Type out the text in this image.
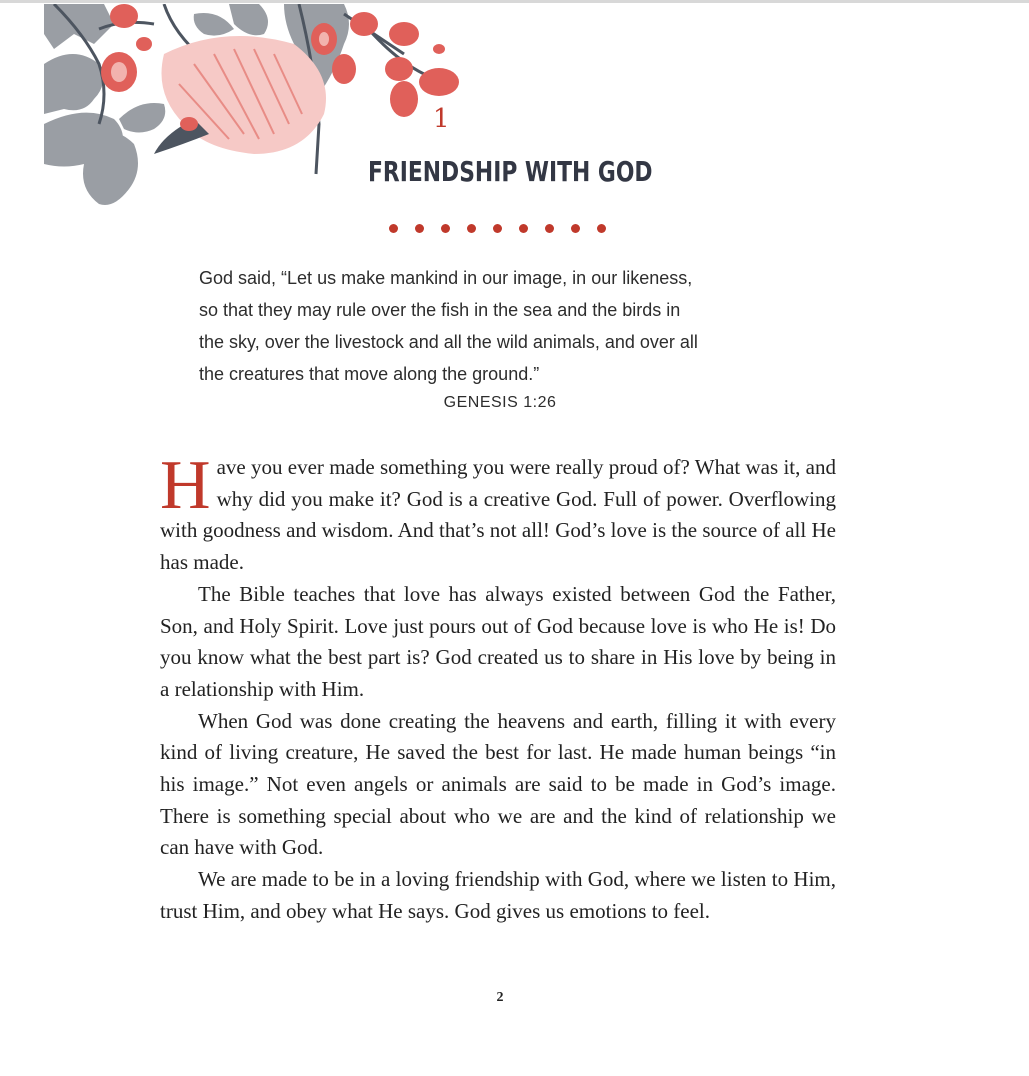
1
FRIENDSHIP WITH GOD

God said, “Let us make mankind in our image, in our likeness,

so that they may rule over the fish in the sea and the birds in

the sky, over the livestock and all the wild animals, and over all

the creatures that move along the ground.”

GENESIS 1:26

Have you ever made something you were really proud of? What was it, and why did you make it? God is a creative God. Full of power. Overflowing with goodness and wisdom. And that’s not all! God’s love is the source of all He has made.

The Bible teaches that love has always existed between God the Father, Son, and Holy Spirit. Love just pours out of God because love is who He is! Do you know what the best part is? God created us to share in His love by being in a relationship with Him.

When God was done creating the heavens and earth, filling it with every kind of living creature, He saved the best for last. He made human beings “in his image.” Not even angels or animals are said to be made in God’s image. There is something special about who we are and the kind of relationship we can have with God.

We are made to be in a loving friendship with God, where we listen to Him, trust Him, and obey what He says. God gives us emotions to feel.

2
